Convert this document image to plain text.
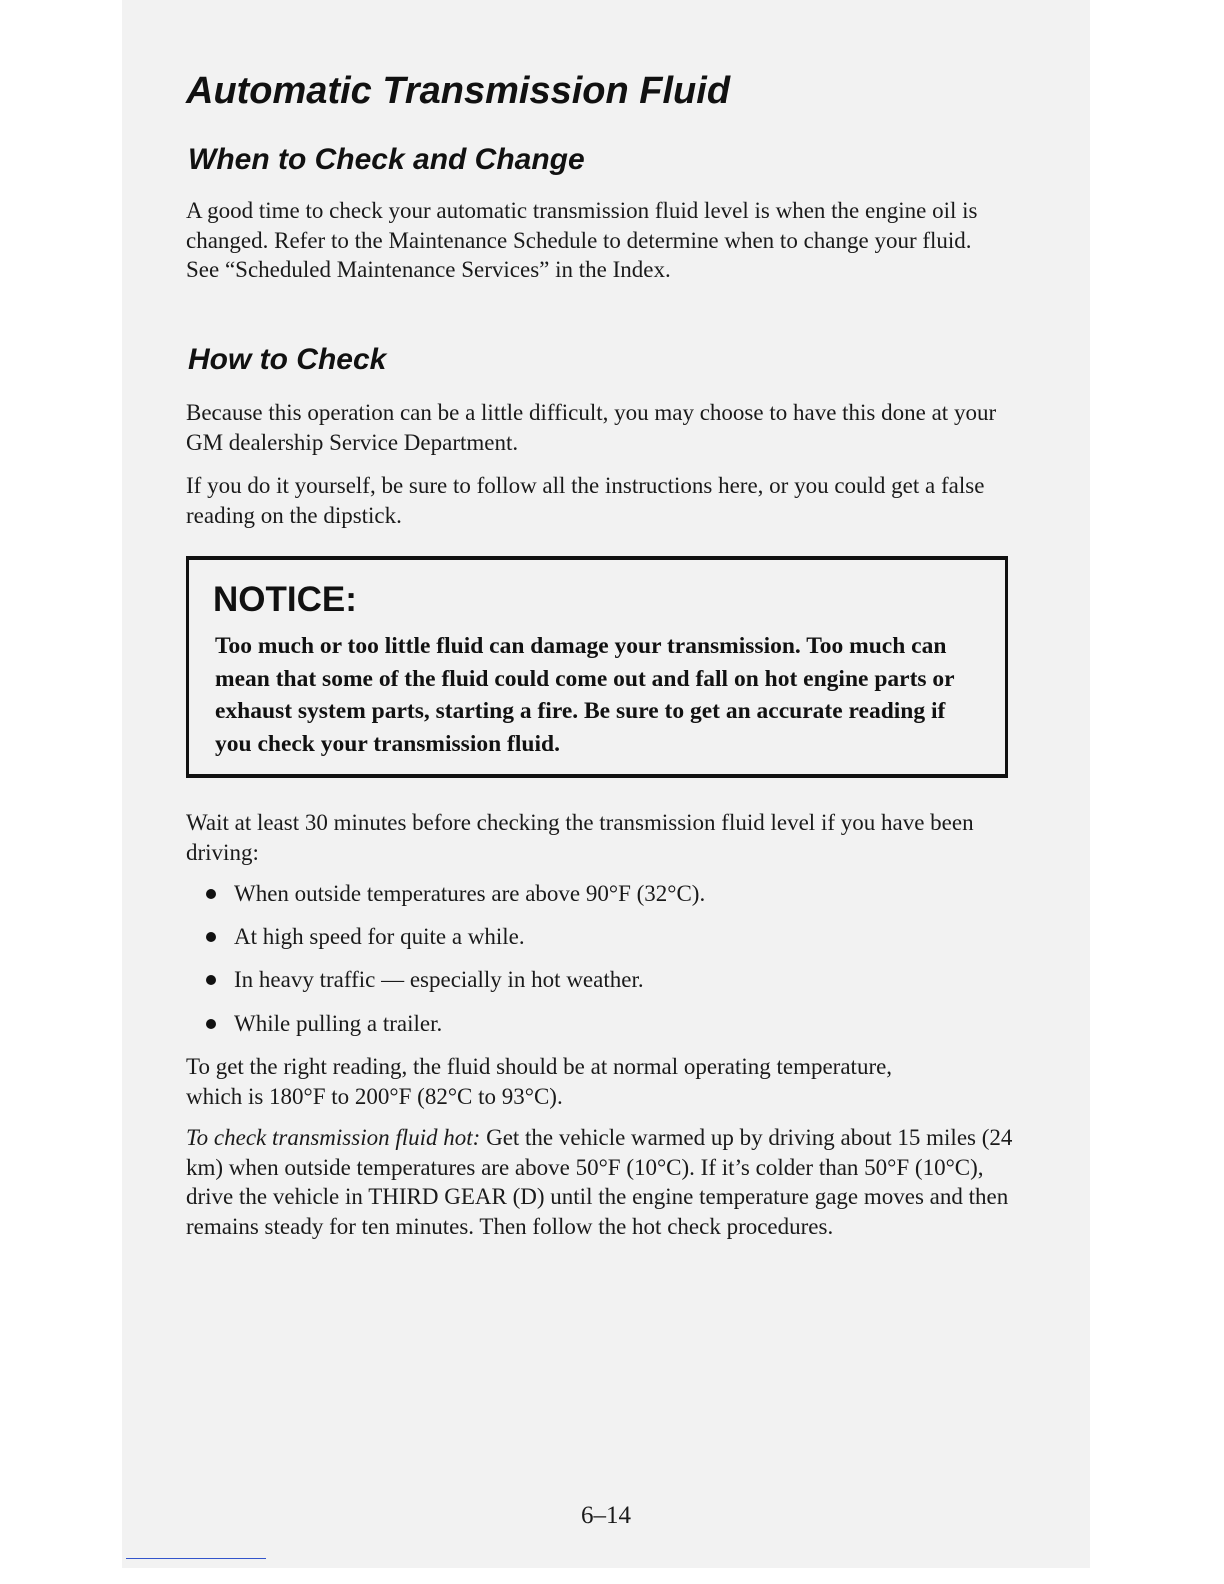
Automatic Transmission Fluid
When to Check and Change

A good time to check your automatic transmission fluid level is when the engine oil is changed. Refer to the Maintenance Schedule to determine when to change your fluid. See “Scheduled Maintenance Services” in the Index.

How to Check

Because this operation can be a little difficult, you may choose to have this done at your GM dealership Service Department.

If you do it yourself, be sure to follow all the instructions here, or you could get a false reading on the dipstick.

Wait at least 30 minutes before checking the transmission fluid level if you have been driving:

When outside temperatures are above 90°F (32°C).

At high speed for quite a while.

In heavy traffic — especially in hot weather.

While pulling a trailer.

To get the right reading, the fluid should be at normal operating temperature, which is 180°F to 200°F (82°C to 93°C).

To check transmission fluid hot: Get the vehicle warmed up by driving about 15 miles (24 km) when outside temperatures are above 50°F (10°C). If it’s colder than 50°F (10°C), drive the vehicle in THIRD GEAR (D) until the engine temperature gage moves and then remains steady for ten minutes. Then follow the hot check procedures.

NOTICE:

Too much or too little fluid can damage your transmission. Too much can mean that some of the fluid could come out and fall on hot engine parts or exhaust system parts, starting a fire. Be sure to get an accurate reading if you check your transmission fluid.

6–14
